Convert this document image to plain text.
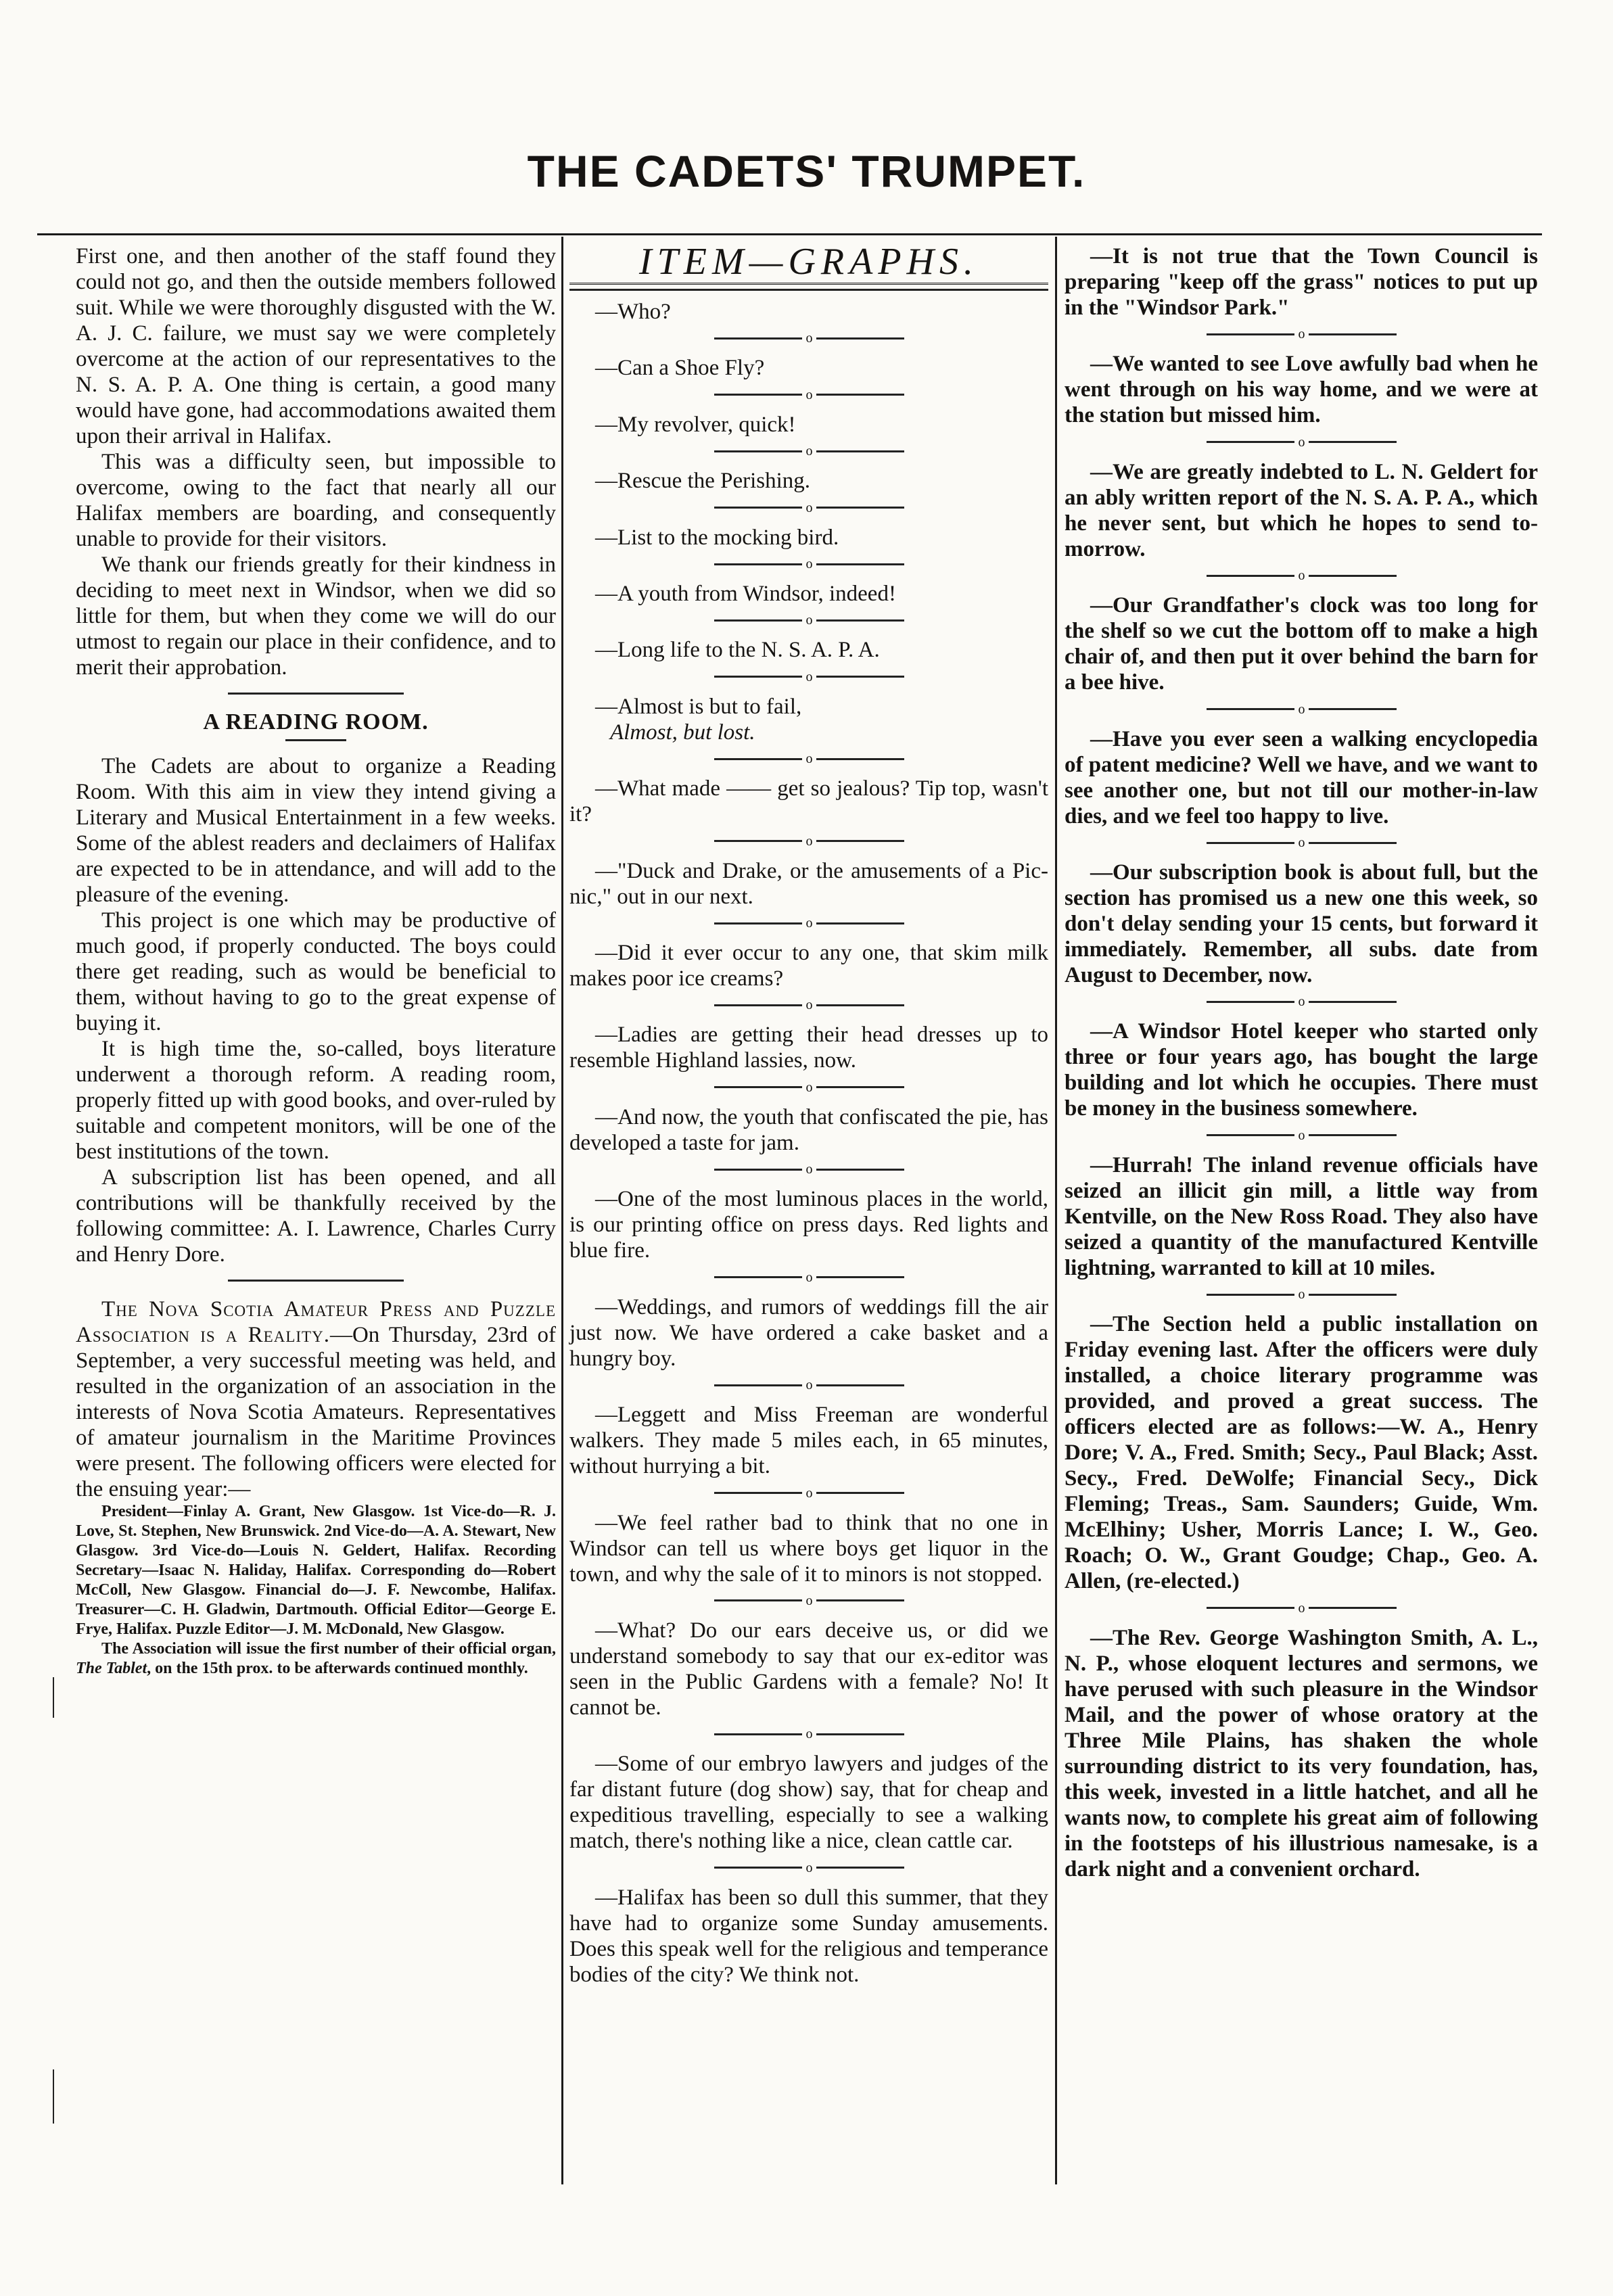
THE CADETS' TRUMPET.

First one, and then another of the staff found they could not go, and then the outside members followed suit. While we were thoroughly disgusted with the W. A. J. C. failure, we must say we were completely overcome at the action of our representatives to the N. S. A. P. A. One thing is certain, a good many would have gone, had accommodations awaited them upon their arrival in Halifax.

This was a difficulty seen, but impossible to overcome, owing to the fact that nearly all our Halifax members are boarding, and consequently unable to provide for their visitors.

We thank our friends greatly for their kindness in deciding to meet next in Windsor, when we did so little for them, but when they come we will do our utmost to regain our place in their confidence, and to merit their approbation.

A READING ROOM.

The Cadets are about to organize a Reading Room. With this aim in view they intend giving a Literary and Musical Entertainment in a few weeks. Some of the ablest readers and declaimers of Halifax are expected to be in attendance, and will add to the pleasure of the evening.

This project is one which may be productive of much good, if properly conducted. The boys could there get reading, such as would be beneficial to them, without having to go to the great expense of buying it.

It is high time the, so-called, boys literature underwent a thorough reform. A reading room, properly fitted up with good books, and over-ruled by suitable and competent monitors, will be one of the best institutions of the town.

A subscription list has been opened, and all contributions will be thankfully received by the following committee: A. I. Lawrence, Charles Curry and Henry Dore.

The Nova Scotia Amateur Press and Puzzle Association is a Reality.—On Thursday, 23rd of September, a very successful meeting was held, and resulted in the organization of an association in the interests of Nova Scotia Amateurs. Representatives of amateur journalism in the Maritime Provinces were present. The following officers were elected for the ensuing year:—

President—Finlay A. Grant, New Glasgow. 1st Vice-do—R. J. Love, St. Stephen, New Brunswick. 2nd Vice-do—A. A. Stewart, New Glasgow. 3rd Vice-do—Louis N. Geldert, Halifax. Recording Secretary—Isaac N. Haliday, Halifax. Corresponding do—Robert McColl, New Glasgow. Financial do—J. F. Newcombe, Halifax. Treasurer—C. H. Gladwin, Dartmouth. Official Editor—George E. Frye, Halifax. Puzzle Editor—J. M. McDonald, New Glasgow.

The Association will issue the first number of their official organ, The Tablet, on the 15th prox. to be afterwards continued monthly.

ITEM—GRAPHS.

—Who?

o

—Can a Shoe Fly?

o

—My revolver, quick!

o

—Rescue the Perishing.

o

—List to the mocking bird.

o

—A youth from Windsor, indeed!

o

—Long life to the N. S. A. P. A.

o

—Almost is but to fail,

Almost, but lost.

o

—What made —— get so jealous? Tip top, wasn't it?

o

—"Duck and Drake, or the amusements of a Pic-nic," out in our next.

o

—Did it ever occur to any one, that skim milk makes poor ice creams?

o

—Ladies are getting their head dresses up to resemble Highland lassies, now.

o

—And now, the youth that confiscated the pie, has developed a taste for jam.

o

—One of the most luminous places in the world, is our printing office on press days. Red lights and blue fire.

o

—Weddings, and rumors of weddings fill the air just now. We have ordered a cake basket and a hungry boy.

o

—Leggett and Miss Freeman are wonderful walkers. They made 5 miles each, in 65 minutes, without hurrying a bit.

o

—We feel rather bad to think that no one in Windsor can tell us where boys get liquor in the town, and why the sale of it to minors is not stopped.

o

—What? Do our ears deceive us, or did we understand somebody to say that our ex-editor was seen in the Public Gardens with a female? No! It cannot be.

o

—Some of our embryo lawyers and judges of the far distant future (dog show) say, that for cheap and expeditious travelling, especially to see a walking match, there's nothing like a nice, clean cattle car.

o

—Halifax has been so dull this summer, that they have had to organize some Sunday amusements. Does this speak well for the religious and temperance bodies of the city? We think not.

—It is not true that the Town Council is preparing "keep off the grass" notices to put up in the "Windsor Park."

o

—We wanted to see Love awfully bad when he went through on his way home, and we were at the station but missed him.

o

—We are greatly indebted to L. N. Geldert for an ably written report of the N. S. A. P. A., which he never sent, but which he hopes to send to-morrow.

o

—Our Grandfather's clock was too long for the shelf so we cut the bottom off to make a high chair of, and then put it over behind the barn for a bee hive.

o

—Have you ever seen a walking encyclopedia of patent medicine? Well we have, and we want to see another one, but not till our mother-in-law dies, and we feel too happy to live.

o

—Our subscription book is about full, but the section has promised us a new one this week, so don't delay sending your 15 cents, but forward it immediately. Remember, all subs. date from August to December, now.

o

—A Windsor Hotel keeper who started only three or four years ago, has bought the large building and lot which he occupies. There must be money in the business somewhere.

o

—Hurrah! The inland revenue officials have seized an illicit gin mill, a little way from Kentville, on the New Ross Road. They also have seized a quantity of the manufactured Kentville lightning, warranted to kill at 10 miles.

o

—The Section held a public installation on Friday evening last. After the officers were duly installed, a choice literary programme was provided, and proved a great success. The officers elected are as follows:—W. A., Henry Dore; V. A., Fred. Smith; Secy., Paul Black; Asst. Secy., Fred. DeWolfe; Financial Secy., Dick Fleming; Treas., Sam. Saunders; Guide, Wm. McElhiny; Usher, Morris Lance; I. W., Geo. Roach; O. W., Grant Goudge; Chap., Geo. A. Allen, (re-elected.)

o

—The Rev. George Washington Smith, A. L., N. P., whose eloquent lectures and sermons, we have perused with such pleasure in the Windsor Mail, and the power of whose oratory at the Three Mile Plains, has shaken the whole surrounding district to its very foundation, has, this week, invested in a little hatchet, and all he wants now, to complete his great aim of following in the footsteps of his illustrious namesake, is a dark night and a convenient orchard.
